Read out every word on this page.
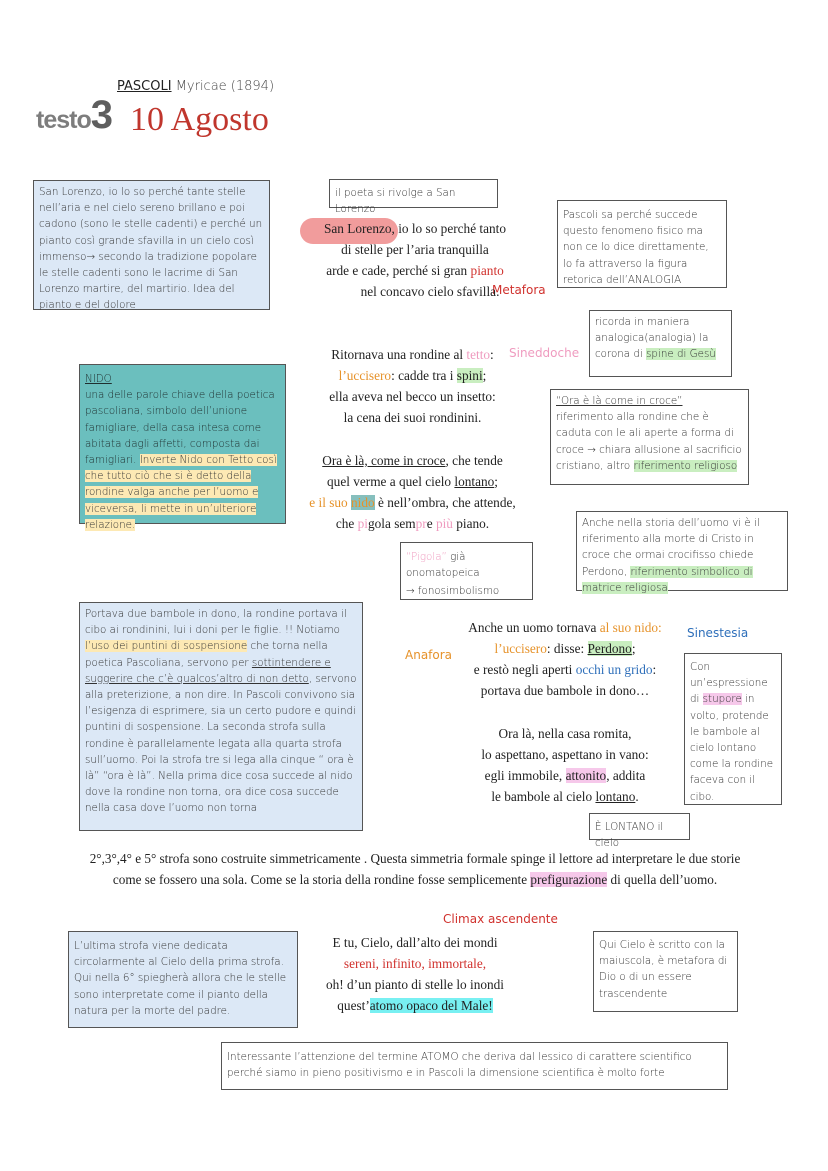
PASCOLI Myricae (1894)
testo3 10 Agosto
San Lorenzo, io lo so perché tante stelle nell’aria e nel cielo sereno brillano e poi cadono (sono le stelle cadenti) e perché un pianto così grande sfavilla in un cielo così immenso→ secondo la tradizione popolare le stelle cadenti sono le lacrime di San Lorenzo martire, del martirio. Idea del pianto e del dolore
il poeta si rivolge a San Lorenzo	Pascoli sa perché succede questo fenomeno fisico ma non ce lo dice direttamente, lo fa attraverso la figura retorica dell’ANALOGIA
ricorda in maniera analogica(analogia) la corona di spine di Gesù
NIDO
una delle parole chiave della poetica pascoliana, simbolo dell’unione famigliare, della casa intesa come abitata dagli affetti, composta dai famigliari. Inverte Nido con Tetto così che tutto ciò che si è detto della rondine valga anche per l’uomo e viceversa, li mette in un’ulteriore relazione.
“Ora è là come in croce” riferimento alla rondine che è caduta con le ali aperte a forma di croce → chiara allusione al sacrificio cristiano, altro riferimento religioso
Anche nella storia dell’uomo vi è il riferimento alla morte di Cristo in croce che ormai crocifisso chiede Perdono, riferimento simbolico di matrice religiosa
“Pigola” già onomatopeica
→ fonosimbolismo
Portava due bambole in dono, la rondine portava il cibo ai rondinini, lui i doni per le figlie. !! Notiamo l’uso dei puntini di sospensione che torna nella poetica Pascoliana, servono per sottintendere e suggerire che c’è qualcos’altro di non detto, servono alla preterizione, a non dire. In Pascoli convivono sia l’esigenza di esprimere, sia un certo pudore e quindi puntini di sospensione. La seconda strofa sulla rondine è parallelamente legata alla quarta strofa sull’uomo. Poi la strofa tre si lega alla cinque “ ora è là” “ora è là”. Nella prima dice cosa succede al nido dove la rondine non torna, ora dice cosa succede nella casa dove l’uomo non torna
Con un’espressione di stupore in volto, protende le bambole al cielo lontano come la rondine faceva con il cibo.
È LONTANO il cielo
L’ultima strofa viene dedicata circolarmente al Cielo della prima strofa. Qui nella 6° spiegherà allora che le stelle sono interpretate come il pianto della natura per la morte del padre.
Qui Cielo è scritto con la maiuscola, è metafora di Dio o di un essere trascendente
Interessante l’attenzione del termine ATOMO che deriva dal lessico di carattere scientifico perché siamo in pieno positivismo e in Pascoli la dimensione scientifica è molto forte
Metafora
Sineddoche
Anafora
Sinestesia
Climax ascendente
San Lorenzo, io lo so perché tanto
di stelle per l’aria tranquilla
arde e cade, perché si gran pianto
nel concavo cielo sfavilla.
Ritornava una rondine al tetto:
l’uccisero: cadde tra i spini;
ella aveva nel becco un insetto:
la cena dei suoi rondinini.
Ora è là, come in croce, che tende
quel verme a quel cielo lontano;
e il suo nido è nell’ombra, che attende,
che pigola sempre più piano.
Anche un uomo tornava al suo nido:
l’uccisero: disse: Perdono;
e restò negli aperti occhi un grido:
portava due bambole in dono…
Ora là, nella casa romita,
lo aspettano, aspettano in vano:
egli immobile, attonito, addita
le bambole al cielo lontano.
2°,3°,4° e 5° strofa sono costruite simmetricamente . Questa simmetria formale spinge il lettore ad interpretare le due storie come se fossero una sola. Come se la storia della rondine fosse semplicemente prefigurazione di quella dell’uomo.
E tu, Cielo, dall’alto dei mondi
sereni, infinito, immortale,
oh! d’un pianto di stelle lo inondi
quest’atomo opaco del Male!
